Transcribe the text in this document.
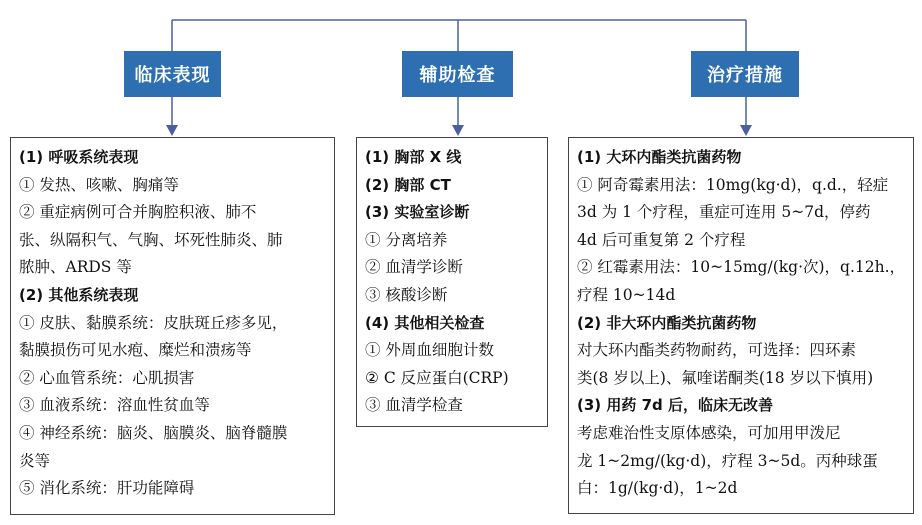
临床表现	辅助检查	治疗措施
(1) 呼吸系统表现
① 发热、咳嗽、胸痛等
② 重症病例可合并胸腔积液、肺不
张、纵隔积气、气胸、坏死性肺炎、肺
脓肿、ARDS 等
(2) 其他系统表现
① 皮肤、黏膜系统：皮肤斑丘疹多见，
黏膜损伤可见水疱、糜烂和溃疡等
② 心血管系统：心肌损害
③ 血液系统：溶血性贫血等
④ 神经系统：脑炎、脑膜炎、脑脊髓膜
炎等
⑤ 消化系统：肝功能障碍
(1) 胸部 X 线
(2) 胸部 CT
(3) 实验室诊断
① 分离培养
② 血清学诊断
③ 核酸诊断
(4) 其他相关检查
① 外周血细胞计数
② C 反应蛋白(CRP)
③ 血清学检查
(1) 大环内酯类抗菌药物
① 阿奇霉素用法：10mg(kg·d)，q.d.，轻症
3d 为 1 个疗程，重症可连用 5~7d，停药
4d 后可重复第 2 个疗程
② 红霉素用法：10~15mg/(kg·次)，q.12h.，
疗程 10~14d
(2) 非大环内酯类抗菌药物
对大环内酯类药物耐药，可选择：四环素
类(8 岁以上)、氟喹诺酮类(18 岁以下慎用)
(3) 用药 7d 后，临床无改善
考虑难治性支原体感染，可加用甲泼尼
龙 1~2mg/(kg·d)，疗程 3~5d。丙种球蛋
白：1g/(kg·d)，1~2d
